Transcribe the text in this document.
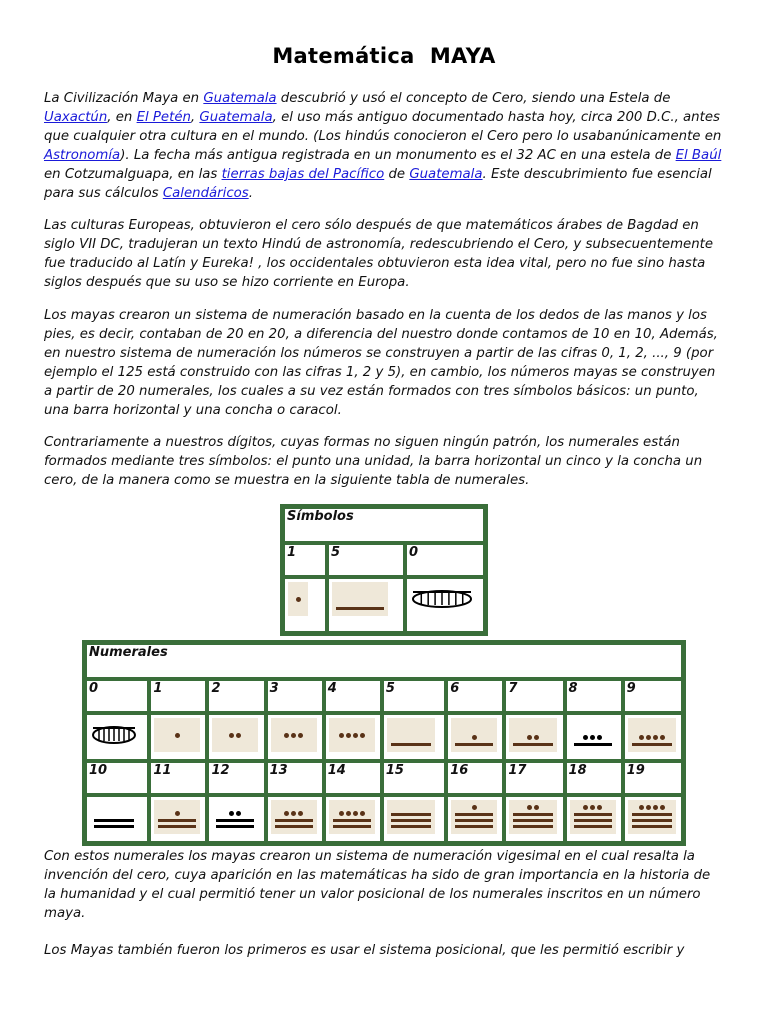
Matemática  MAYA

La Civilización Maya en Guatemala descubrió y usó el concepto de Cero, siendo una Estela de Uaxactún, en El Petén, Guatemala, el uso más antiguo documentado hasta hoy, circa 200 D.C., antes que cualquier otra cultura en el mundo. (Los hindús conocieron el Cero pero lo usabanúnicamente en Astronomía). La fecha más antigua registrada en un monumento es el 32 AC en una estela de El Baúl en Cotzumalguapa, en las tierras bajas del Pacífico de Guatemala. Este descubrimiento fue esencial para sus cálculos Calendáricos.

Las culturas Europeas, obtuvieron el cero sólo después de que matemáticos árabes de Bagdad en siglo VII DC, tradujeran un texto Hindú de astronomía, redescubriendo el Cero, y subsecuentemente fue traducido al Latín y Eureka! , los occidentales obtuvieron esta idea vital, pero no fue sino hasta siglos después que su uso se hizo corriente en Europa.

Los mayas crearon un sistema de numeración basado en la cuenta de los dedos de las manos y los pies, es decir, contaban de 20 en 20, a diferencia del nuestro donde contamos de 10 en 10, Además, en nuestro sistema de numeración los números se construyen a partir de las cifras 0, 1, 2, ..., 9 (por ejemplo el 125 está construido con las cifras 1, 2 y 5), en cambio, los números mayas se construyen a partir de 20 numerales, los cuales a su vez están formados con tres símbolos básicos: un punto, una barra horizontal y una concha o caracol.

Contrariamente a nuestros dígitos, cuyas formas no siguen ningún patrón, los numerales están formados mediante tres símbolos: el punto una unidad, la barra horizontal un cinco y la concha un cero, de la manera como se muestra en la siguiente tabla de numerales.

Símbolos		
1	5	0

Numerales									
0	1	2	3	4	5	6	7	8	9

10	11	12	13	14	15	16	17	18	19

Con estos numerales los mayas crearon un sistema de numeración vigesimal en el cual resalta la invención del cero, cuya aparición en las matemáticas ha sido de gran importancia en la historia de la humanidad y el cual permitió tener un valor posicional de los numerales inscritos en un número maya.

Los Mayas también fueron los primeros es usar el sistema posicional, que les permitió escribir y
